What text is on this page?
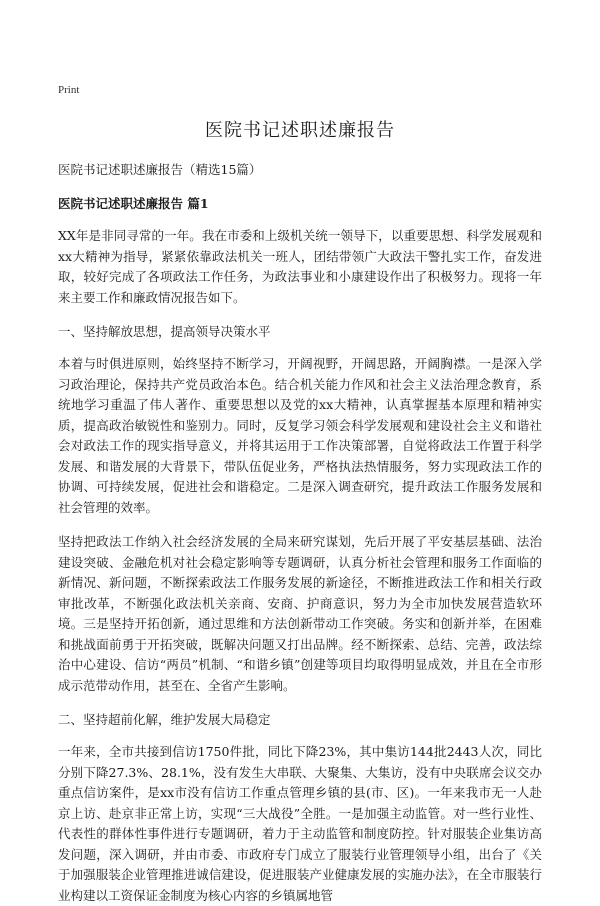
Print
医院书记述职述廉报告

医院书记述职述廉报告（精选15篇）

医院书记述职述廉报告 篇1

XX年是非同寻常的一年。我在市委和上级机关统一领导下，以重要思想、科学发展观和xx大精神为指导，紧紧依靠政法机关一班人，团结带领广大政法干警扎实工作，奋发进取，较好完成了各项政法工作任务，为政法事业和小康建设作出了积极努力。现将一年来主要工作和廉政情况报告如下。

一、坚持解放思想，提高领导决策水平

本着与时俱进原则，始终坚持不断学习，开阔视野，开阔思路，开阔胸襟。一是深入学习政治理论，保持共产党员政治本色。结合机关能力作风和社会主义法治理念教育，系统地学习重温了伟人著作、重要思想以及党的xx大精神，认真掌握基本原理和精神实质，提高政治敏锐性和鉴别力。同时，反复学习领会科学发展观和建设社会主义和谐社会对政法工作的现实指导意义，并将其运用于工作决策部署，自觉将政法工作置于科学发展、和谐发展的大背景下，带队伍促业务，严格执法热情服务，努力实现政法工作的协调、可持续发展，促进社会和谐稳定。二是深入调查研究，提升政法工作服务发展和社会管理的效率。

坚持把政法工作纳入社会经济发展的全局来研究谋划，先后开展了平安基层基础、法治建设突破、金融危机对社会稳定影响等专题调研，认真分析社会管理和服务工作面临的新情况、新问题，不断探索政法工作服务发展的新途径，不断推进政法工作和相关行政审批改革，不断强化政法机关亲商、安商、护商意识，努力为全市加快发展营造软环境。三是坚持开拓创新，通过思维和方法创新带动工作突破。务实和创新并举，在困难和挑战面前勇于开拓突破，既解决问题又打出品牌。经不断探索、总结、完善，政法综治中心建设、信访“两员”机制、“和谐乡镇”创建等项目均取得明显成效，并且在全市形成示范带动作用，甚至在、全省产生影响。

二、坚持超前化解，维护发展大局稳定

一年来，全市共接到信访1750件批，同比下降23%，其中集访144批2443人次，同比分别下降27.3%、28.1%，没有发生大串联、大聚集、大集访，没有中央联席会议交办重点信访案件，是xx市没有信访工作重点管理乡镇的县(市、区)。一年来我市无一人赴京上访、赴京非正常上访，实现“三大战役”全胜。一是加强主动监管。对一些行业性、代表性的群体性事件进行专题调研，着力于主动监管和制度防控。针对服装企业集访高发问题，深入调研，并由市委、市政府专门成立了服装行业管理领导小组，出台了《关于加强服装企业管理推进诚信建设，促进服装产业健康发展的实施办法》，在全市服装行业构建以工资保证金制度为核心内容的乡镇属地管
